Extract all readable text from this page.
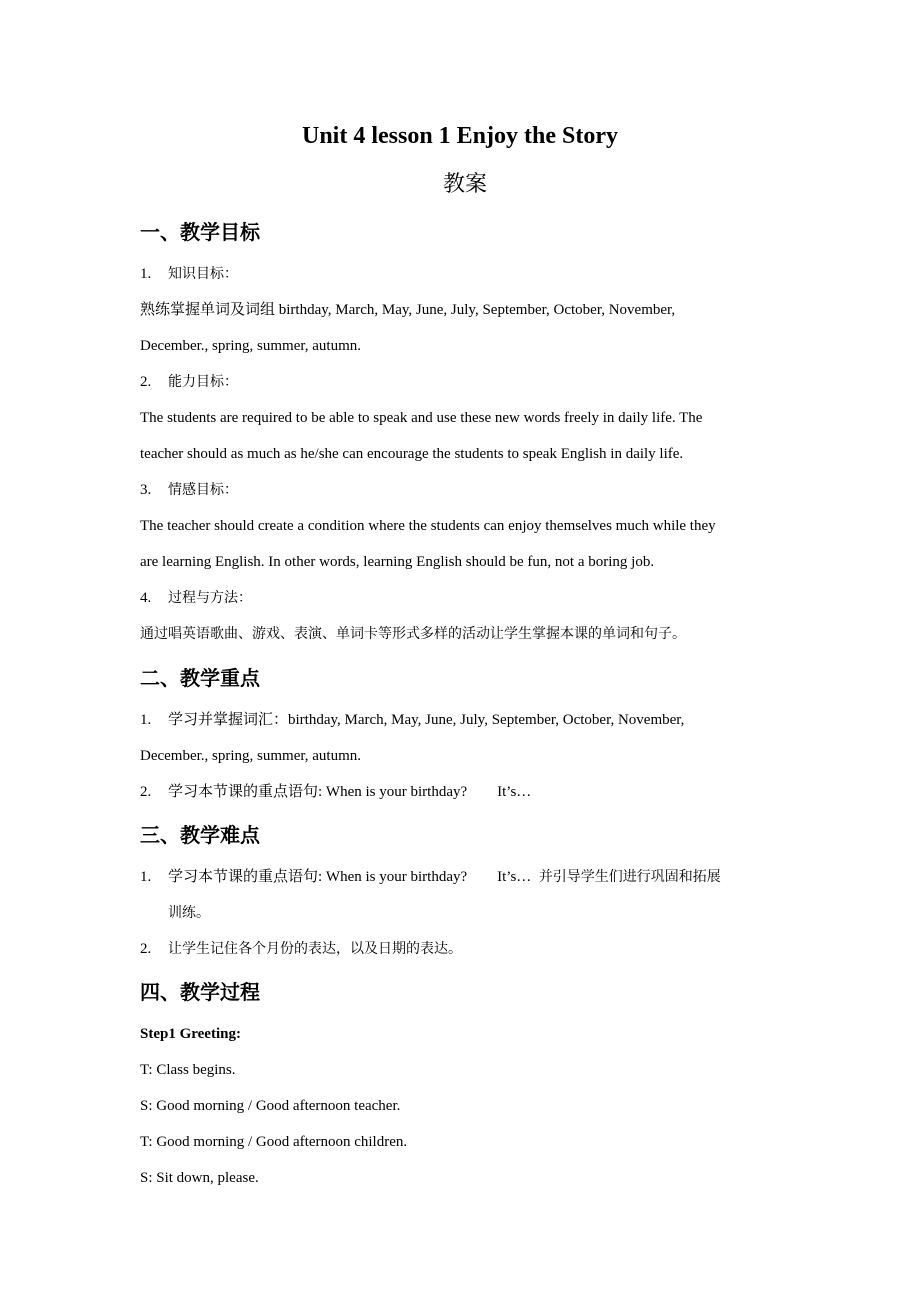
Unit 4 lesson 1 Enjoy the Story
教案
一、教学目标
1. 知识目标：
熟练掌握单词及词组 birthday, March, May, June, July, September, October, November,
December., spring, summer, autumn.
2. 能力目标：
The students are required to be able to speak and use these new words freely in daily life. The
teacher should as much as he/she can encourage the students to speak English in daily life.
3. 情感目标：
The teacher should create a condition where the students can enjoy themselves much while they
are learning English. In other words, learning English should be fun, not a boring job.
4. 过程与方法：
通过唱英语歌曲、游戏、表演、单词卡等形式多样的活动让学生掌握本课的单词和句子。
二、教学重点
1. 学习并掌握词汇：birthday, March, May, June, July, September, October, November,
December., spring, summer, autumn.
2. 学习本节课的重点语句: When is your birthday? It’s…
三、教学难点
1. 学习本节课的重点语句: When is your birthday? It’s… 并引导学生们进行巩固和拓展
训练。
2. 让学生记住各个月份的表达，以及日期的表达。
四、教学过程
Step1 Greeting:
T: Class begins.
S: Good morning / Good afternoon teacher.
T: Good morning / Good afternoon children.
S: Sit down, please.
